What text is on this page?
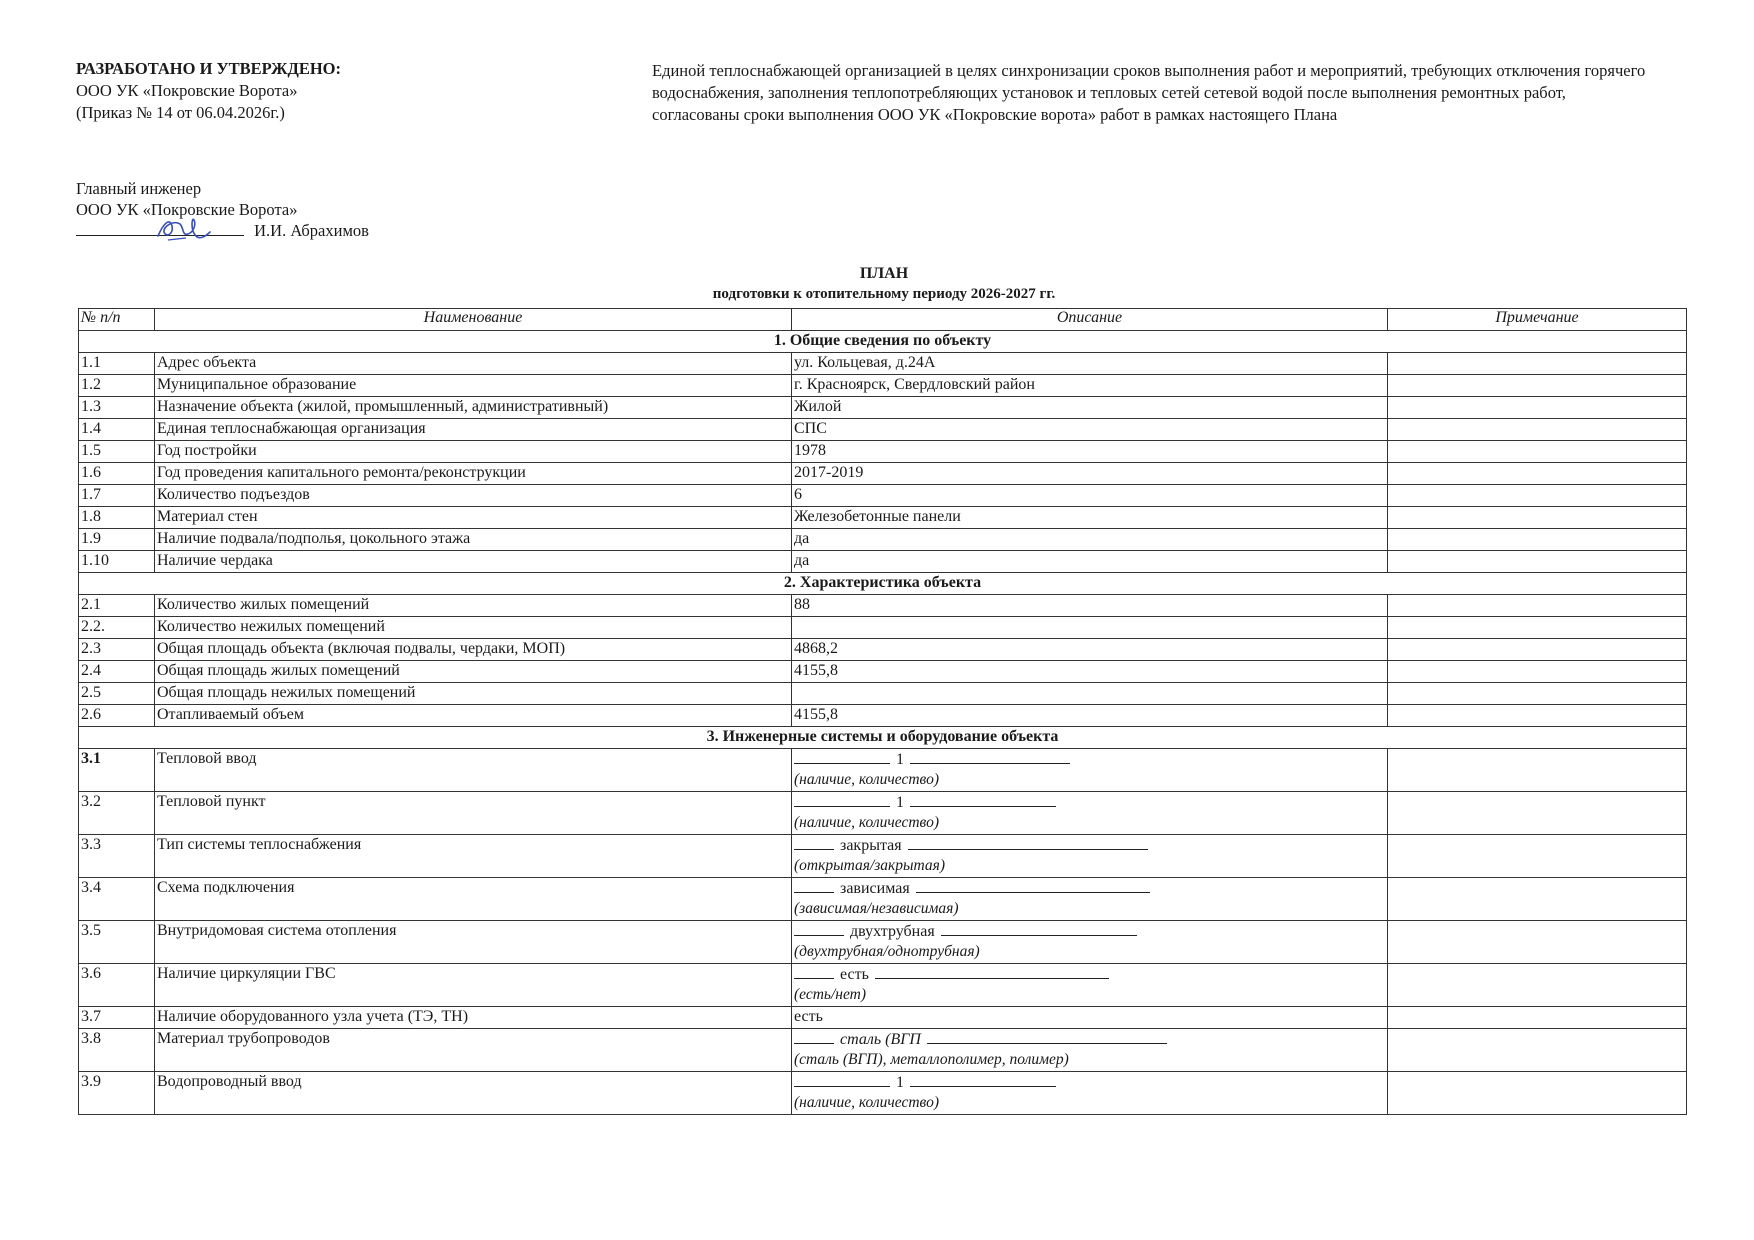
РАЗРАБОТАНО И УТВЕРЖДЕНО:
ООО УК «Покровские Ворота»
(Приказ № 14 от 06.04.2026г.)
Единой теплоснабжающей организацией в целях синхронизации сроков выполнения работ и мероприятий, требующих отключения горячего водоснабжения, заполнения теплопотребляющих установок и тепловых сетей сетевой водой после выполнения ремонтных работ, согласованы сроки выполнения ООО УК «Покровские ворота» работ в рамках настоящего Плана
Главный инженер
ООО УК «Покровские Ворота»

И.И. Абрахимов
ПЛАН
подготовки к отопительному периоду 2026-2027 гг.
№ п/п	Наименование	Описание	Примечание
1. Общие сведения по объекту			
1.1	Адрес объекта	ул. Кольцевая, д.24А	
1.2	Муниципальное образование	г. Красноярск, Свердловский район	
1.3	Назначение объекта (жилой, промышленный, административный)	Жилой	
1.4	Единая теплоснабжающая организация	СПС	
1.5	Год постройки	1978	
1.6	Год проведения капитального ремонта/реконструкции	2017-2019	
1.7	Количество подъездов	6	
1.8	Материал стен	Железобетонные панели	
1.9	Наличие подвала/подполья, цокольного этажа	да	
1.10	Наличие чердака	да	
2. Характеристика объекта			
2.1	Количество жилых помещений	88	
2.2.	Количество нежилых помещений		
2.3	Общая площадь объекта (включая подвалы, чердаки, МОП)	4868,2	
2.4	Общая площадь жилых помещений	4155,8	
2.5	Общая площадь нежилых помещений		
2.6	Отапливаемый объем	4155,8	
3. Инженерные системы и оборудование объекта			
3.1	Тепловой ввод	1
(наличие, количество)	

3.2	Тепловой пункт	1
(наличие, количество)	

3.3	Тип системы теплоснабжения	закрытая
(открытая/закрытая)	

3.4	Схема подключения	зависимая
(зависимая/независимая)	

3.5	Внутридомовая система отопления	двухтрубная
(двухтрубная/однотрубная)	

3.6	Наличие циркуляции ГВС	есть
(есть/нет)	

3.7	Наличие оборудованного узла учета (ТЭ, ТН)	есть	
3.8	Материал трубопроводов	сталь (ВГП
(сталь (ВГП), металлополимер, полимер)	

3.9	Водопроводный ввод	1
(наличие, количество)	
